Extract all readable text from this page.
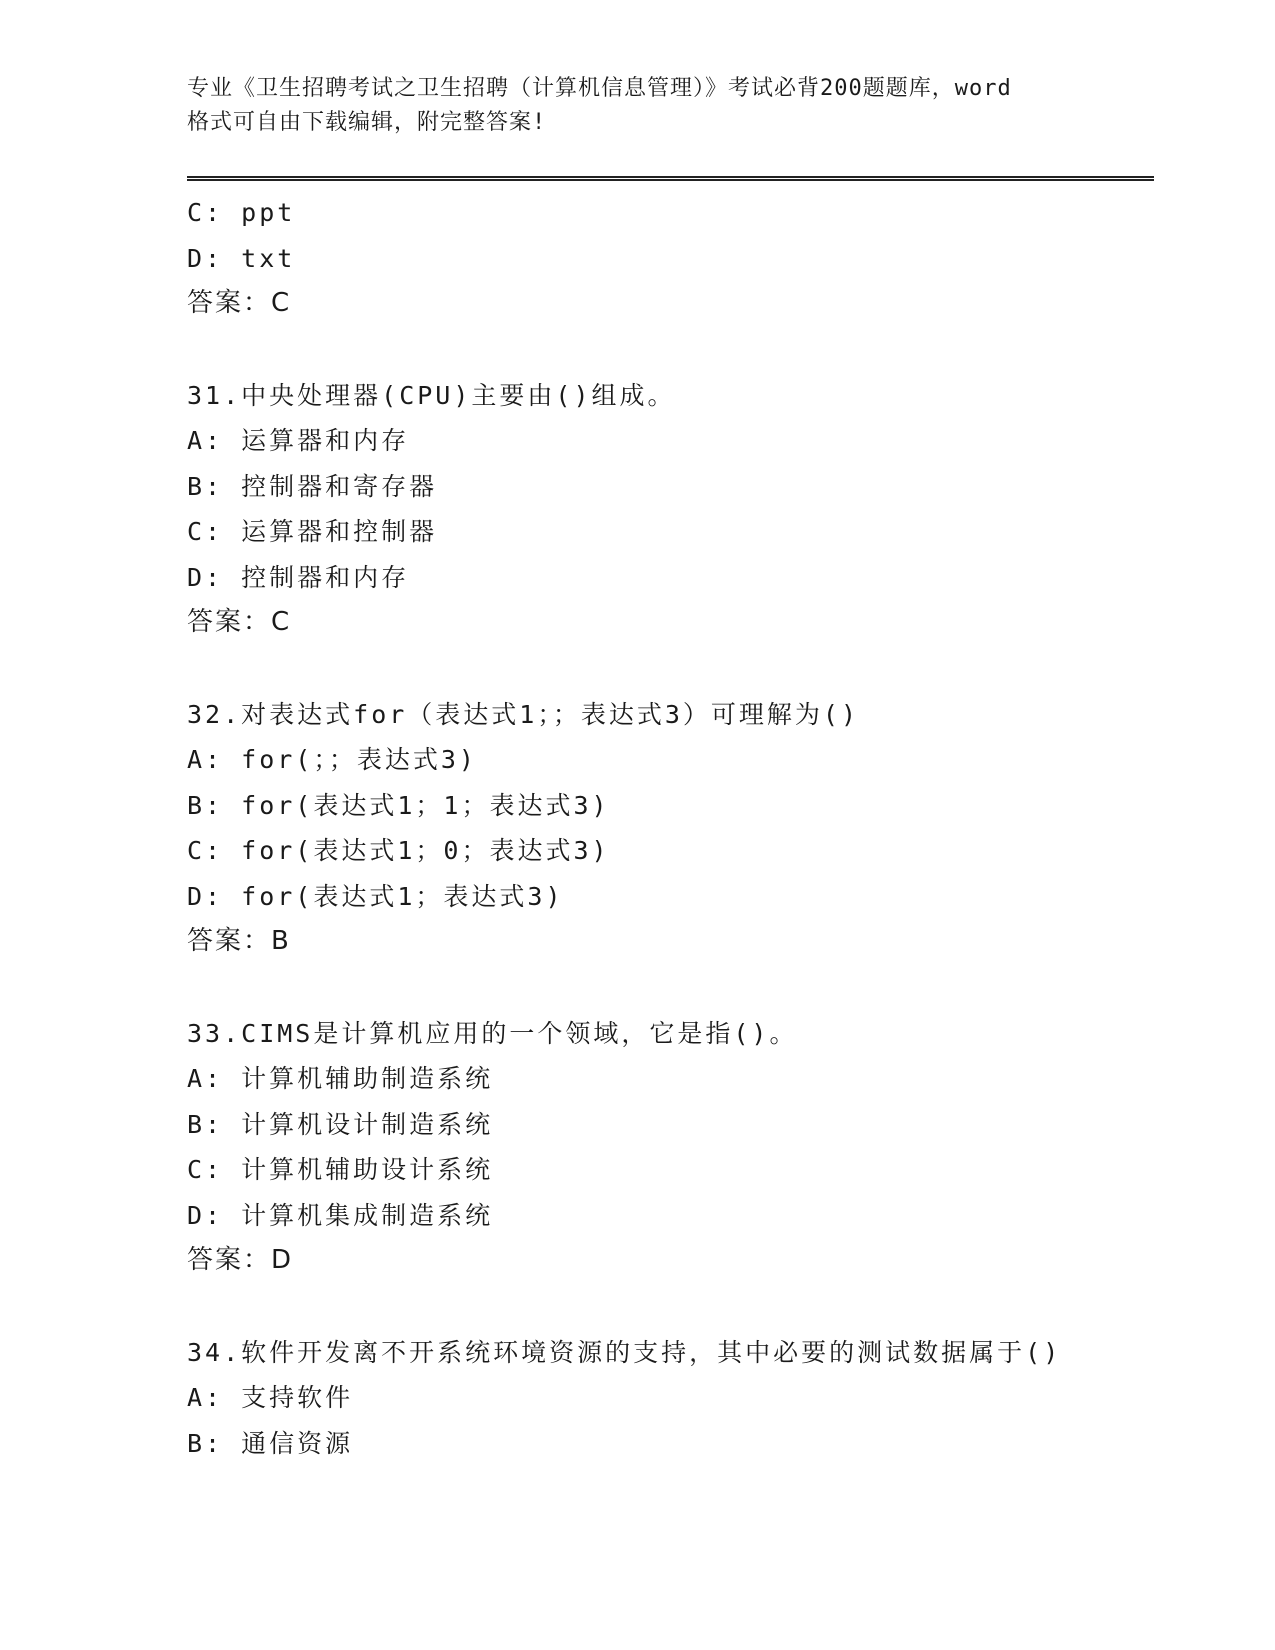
专业《卫生招聘考试之卫生招聘（计算机信息管理）》考试必背200题题库，word
格式可自由下载编辑，附完整答案!
C: ppt
D: txt
答案：C
31.中央处理器(CPU)主要由()组成。
A: 运算器和内存
B: 控制器和寄存器
C: 运算器和控制器
D: 控制器和内存
答案：C
32.对表达式for（表达式1；；表达式3）可理解为()
A: for(；；表达式3)
B: for(表达式1；1；表达式3)
C: for(表达式1；0；表达式3)
D: for(表达式1；表达式3)
答案：B
33.CIMS是计算机应用的一个领域，它是指()。
A: 计算机辅助制造系统
B: 计算机设计制造系统
C: 计算机辅助设计系统
D: 计算机集成制造系统
答案：D
34.软件开发离不开系统环境资源的支持，其中必要的测试数据属于()
A: 支持软件
B: 通信资源
